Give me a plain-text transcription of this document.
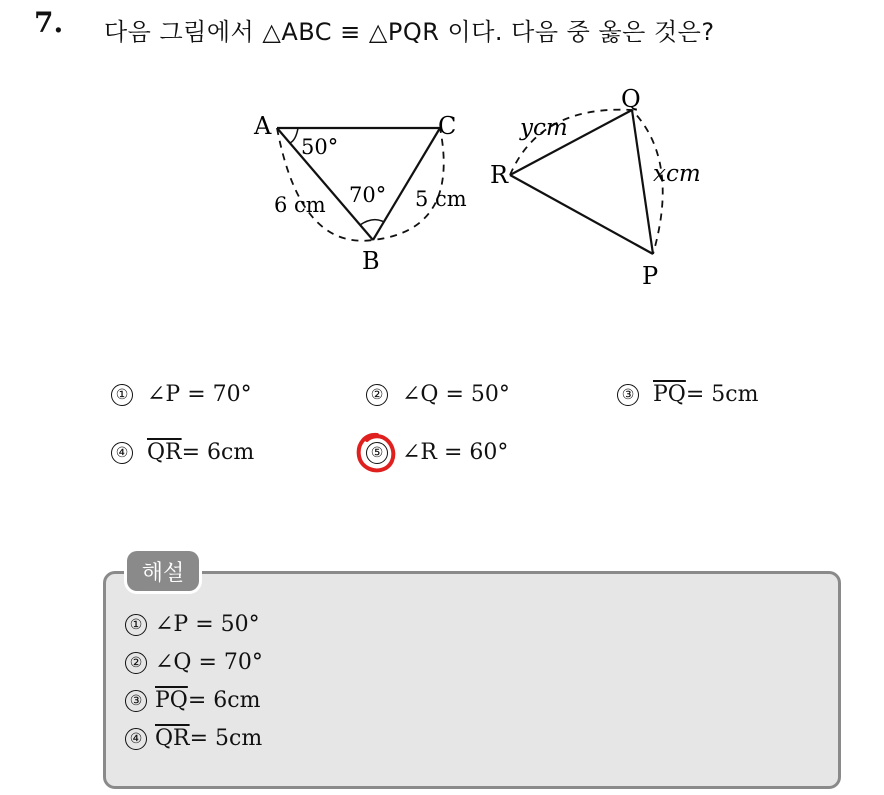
7. 다음 그림에서 △ABC ≡ △PQR 이다. 다음 중 옳은 것은?
A	C
B
50°
70°
6 cm	5 cm
Q
R
P
ycm
xcm
① ∠P = 70°	② ∠Q = 50°	③ $\overline{PQ} = 5cm$
④ $\overline{QR} = 6cm$	⑤ ∠R = 60°
해설
① ∠P = 50°
② ∠Q = 70°
③ $\overline{PQ} = 6cm$
④ $\overline{QR} = 5cm$
